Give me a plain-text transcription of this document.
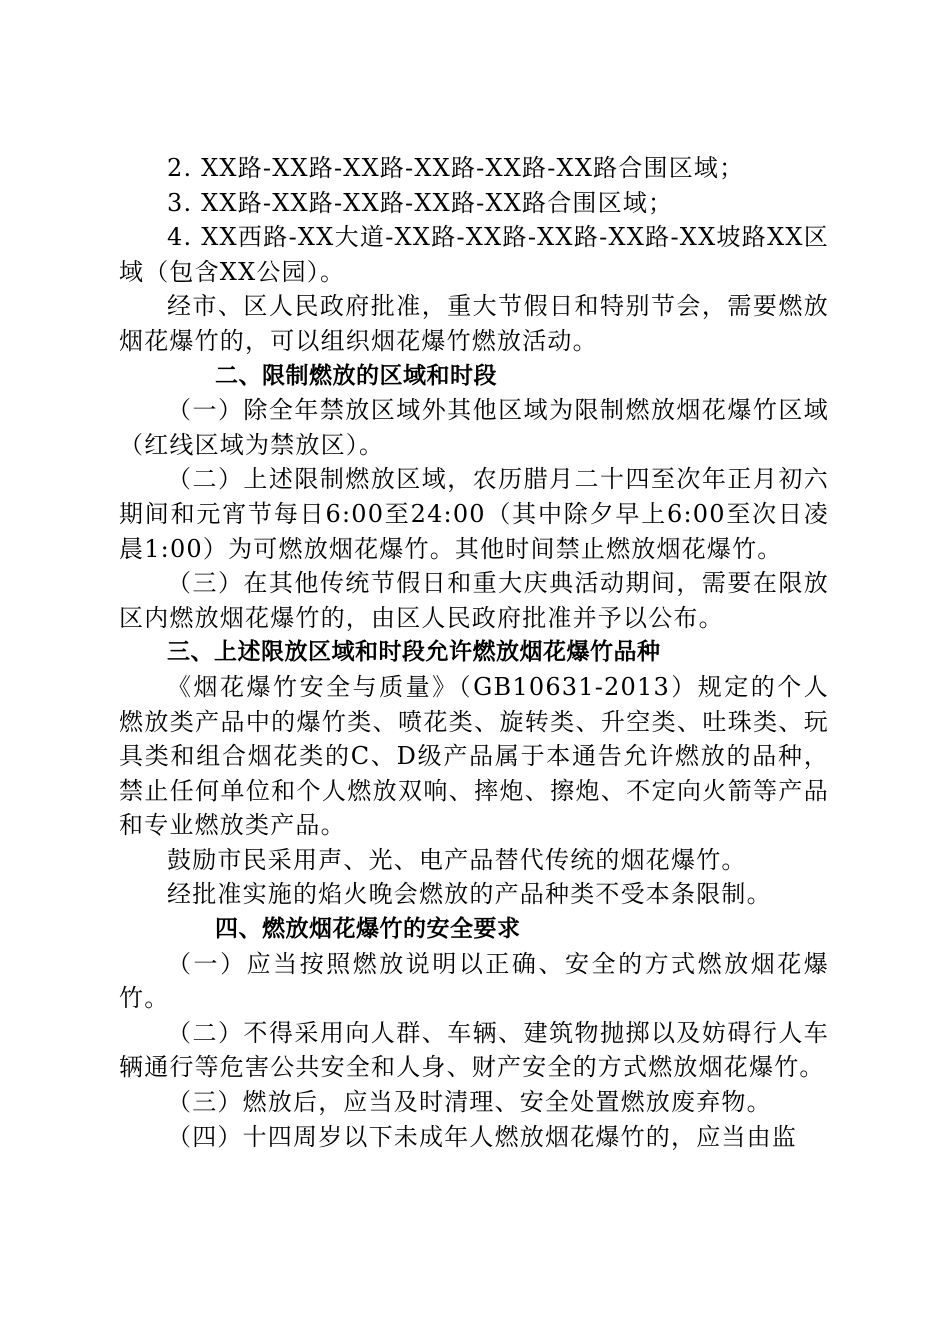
2. XX路-XX路-XX路-XX路-XX路-XX路合围区域；

3. XX路-XX路-XX路-XX路-XX路合围区域；

4. XX西路-XX大道-XX路-XX路-XX路-XX路-XX坡路XX区域（包含XX公园）。

经市、区人民政府批准，重大节假日和特别节会，需要燃放烟花爆竹的，可以组织烟花爆竹燃放活动。

二、限制燃放的区域和时段

（一）除全年禁放区域外其他区域为限制燃放烟花爆竹区域（红线区域为禁放区）。

（二）上述限制燃放区域，农历腊月二十四至次年正月初六期间和元宵节每日6:00至24:00（其中除夕早上6:00至次日凌晨1:00）为可燃放烟花爆竹。其他时间禁止燃放烟花爆竹。

（三）在其他传统节假日和重大庆典活动期间，需要在限放区内燃放烟花爆竹的，由区人民政府批准并予以公布。

三、上述限放区域和时段允许燃放烟花爆竹品种

《烟花爆竹安全与质量》（GB10631-2013）规定的个人燃放类产品中的爆竹类、喷花类、旋转类、升空类、吐珠类、玩具类和组合烟花类的C、D级产品属于本通告允许燃放的品种，禁止任何单位和个人燃放双响、摔炮、擦炮、不定向火箭等产品和专业燃放类产品。

鼓励市民采用声、光、电产品替代传统的烟花爆竹。

经批准实施的焰火晚会燃放的产品种类不受本条限制。

四、燃放烟花爆竹的安全要求

（一）应当按照燃放说明以正确、安全的方式燃放烟花爆竹。

（二）不得采用向人群、车辆、建筑物抛掷以及妨碍行人车辆通行等危害公共安全和人身、财产安全的方式燃放烟花爆竹。

（三）燃放后，应当及时清理、安全处置燃放废弃物。

（四）十四周岁以下未成年人燃放烟花爆竹的，应当由监
